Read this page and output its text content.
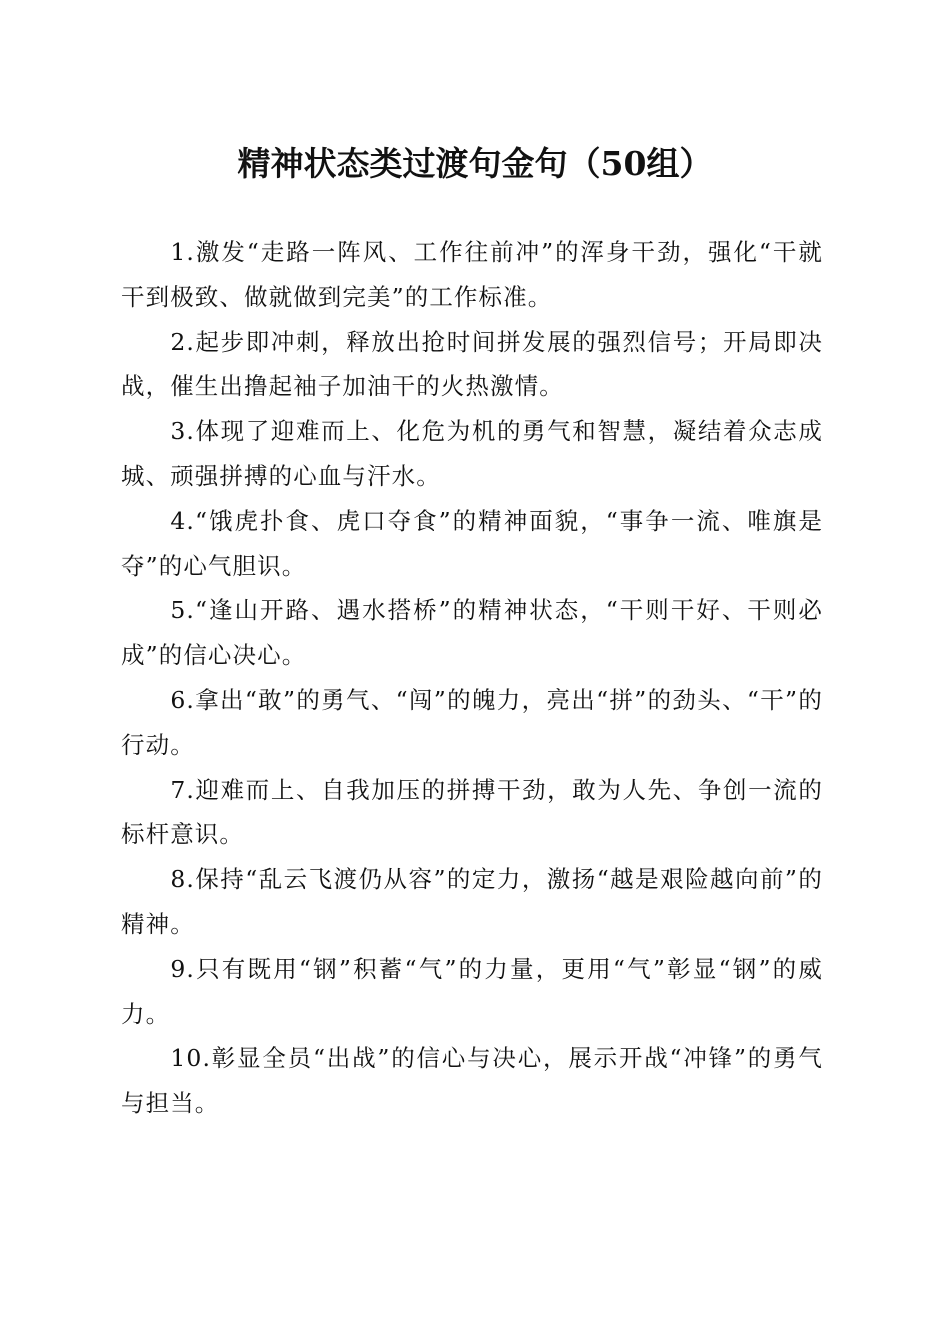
精神状态类过渡句金句（50组）

1.激发“走路一阵风、工作往前冲”的浑身干劲，强化“干就干到极致、做就做到完美”的工作标准。

2.起步即冲刺，释放出抢时间拼发展的强烈信号；开局即决战，催生出撸起袖子加油干的火热激情。

3.体现了迎难而上、化危为机的勇气和智慧，凝结着众志成城、顽强拼搏的心血与汗水。

4.“饿虎扑食、虎口夺食”的精神面貌，“事争一流、唯旗是夺”的心气胆识。

5.“逢山开路、遇水搭桥”的精神状态，“干则干好、干则必成”的信心决心。

6.拿出“敢”的勇气、“闯”的魄力，亮出“拼”的劲头、“干”的行动。

7.迎难而上、自我加压的拼搏干劲，敢为人先、争创一流的标杆意识。

8.保持“乱云飞渡仍从容”的定力，激扬“越是艰险越向前”的精神。

9.只有既用“钢”积蓄“气”的力量，更用“气”彰显“钢”的威力。

10.彰显全员“出战”的信心与决心，展示开战“冲锋”的勇气与担当。
